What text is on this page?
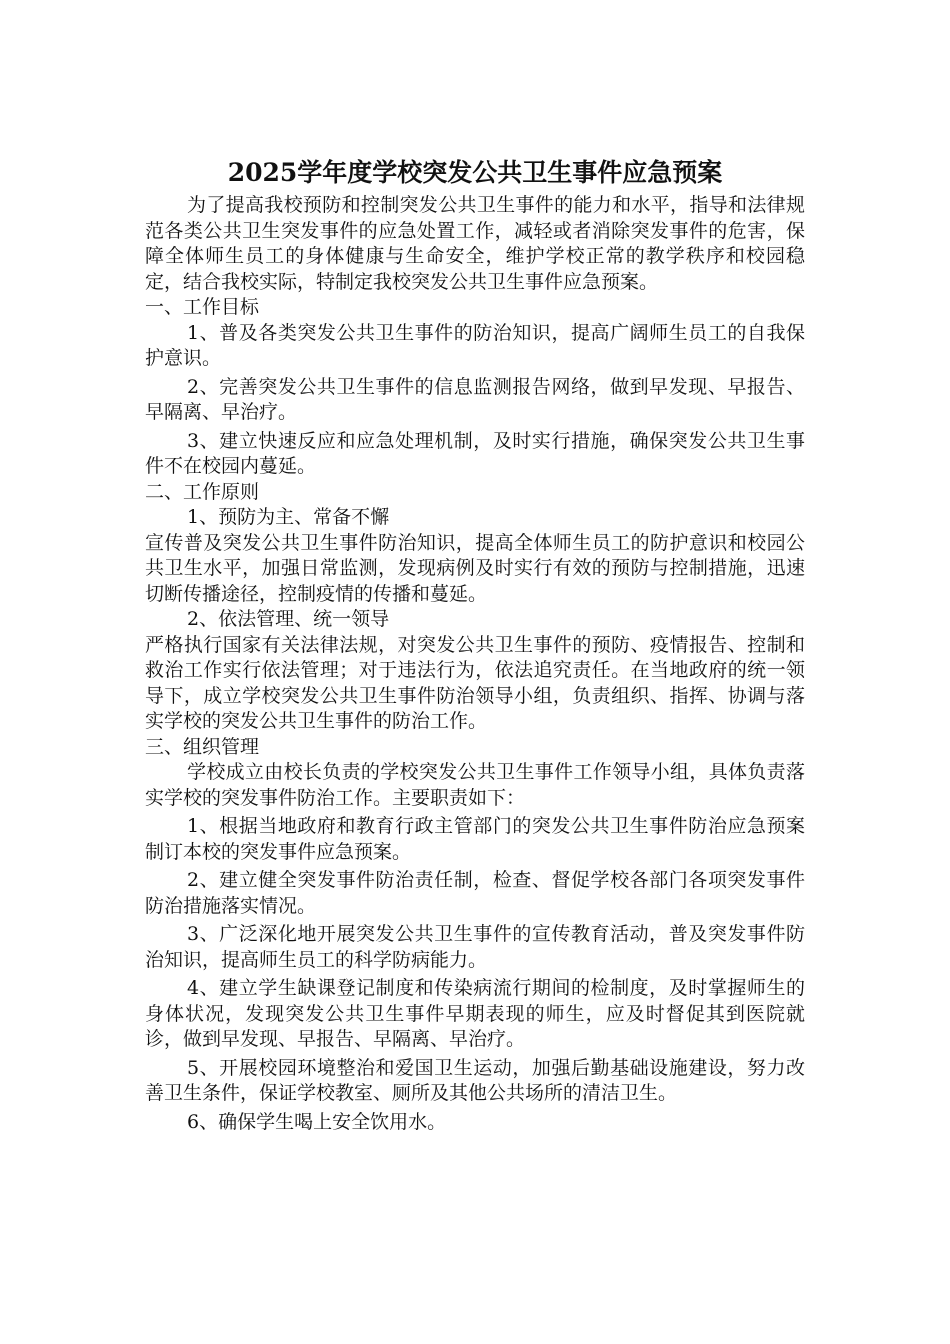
2025学年度学校突发公共卫生事件应急预案

为了提高我校预防和控制突发公共卫生事件的能力和水平，指导和法律规范各类公共卫生突发事件的应急处置工作，减轻或者消除突发事件的危害，保障全体师生员工的身体健康与生命安全，维护学校正常的教学秩序和校园稳定，结合我校实际，特制定我校突发公共卫生事件应急预案。

一、工作目标

1、普及各类突发公共卫生事件的防治知识，提高广阔师生员工的自我保护意识。

2、完善突发公共卫生事件的信息监测报告网络，做到早发现、早报告、早隔离、早治疗。

3、建立快速反应和应急处理机制，及时实行措施，确保突发公共卫生事件不在校园内蔓延。

二、工作原则

1、预防为主、常备不懈

宣传普及突发公共卫生事件防治知识，提高全体师生员工的防护意识和校园公共卫生水平，加强日常监测，发现病例及时实行有效的预防与控制措施，迅速切断传播途径，控制疫情的传播和蔓延。

2、依法管理、统一领导

严格执行国家有关法律法规，对突发公共卫生事件的预防、疫情报告、控制和救治工作实行依法管理；对于违法行为，依法追究责任。在当地政府的统一领导下，成立学校突发公共卫生事件防治领导小组，负责组织、指挥、协调与落实学校的突发公共卫生事件的防治工作。

三、组织管理

学校成立由校长负责的学校突发公共卫生事件工作领导小组，具体负责落实学校的突发事件防治工作。主要职责如下：

1、根据当地政府和教育行政主管部门的突发公共卫生事件防治应急预案制订本校的突发事件应急预案。

2、建立健全突发事件防治责任制，检查、督促学校各部门各项突发事件防治措施落实情况。

3、广泛深化地开展突发公共卫生事件的宣传教育活动，普及突发事件防治知识，提高师生员工的科学防病能力。

4、建立学生缺课登记制度和传染病流行期间的检制度，及时掌握师生的身体状况，发现突发公共卫生事件早期表现的师生，应及时督促其到医院就诊，做到早发现、早报告、早隔离、早治疗。

5、开展校园环境整治和爱国卫生运动，加强后勤基础设施建设，努力改善卫生条件，保证学校教室、厕所及其他公共场所的清洁卫生。

6、确保学生喝上安全饮用水。
